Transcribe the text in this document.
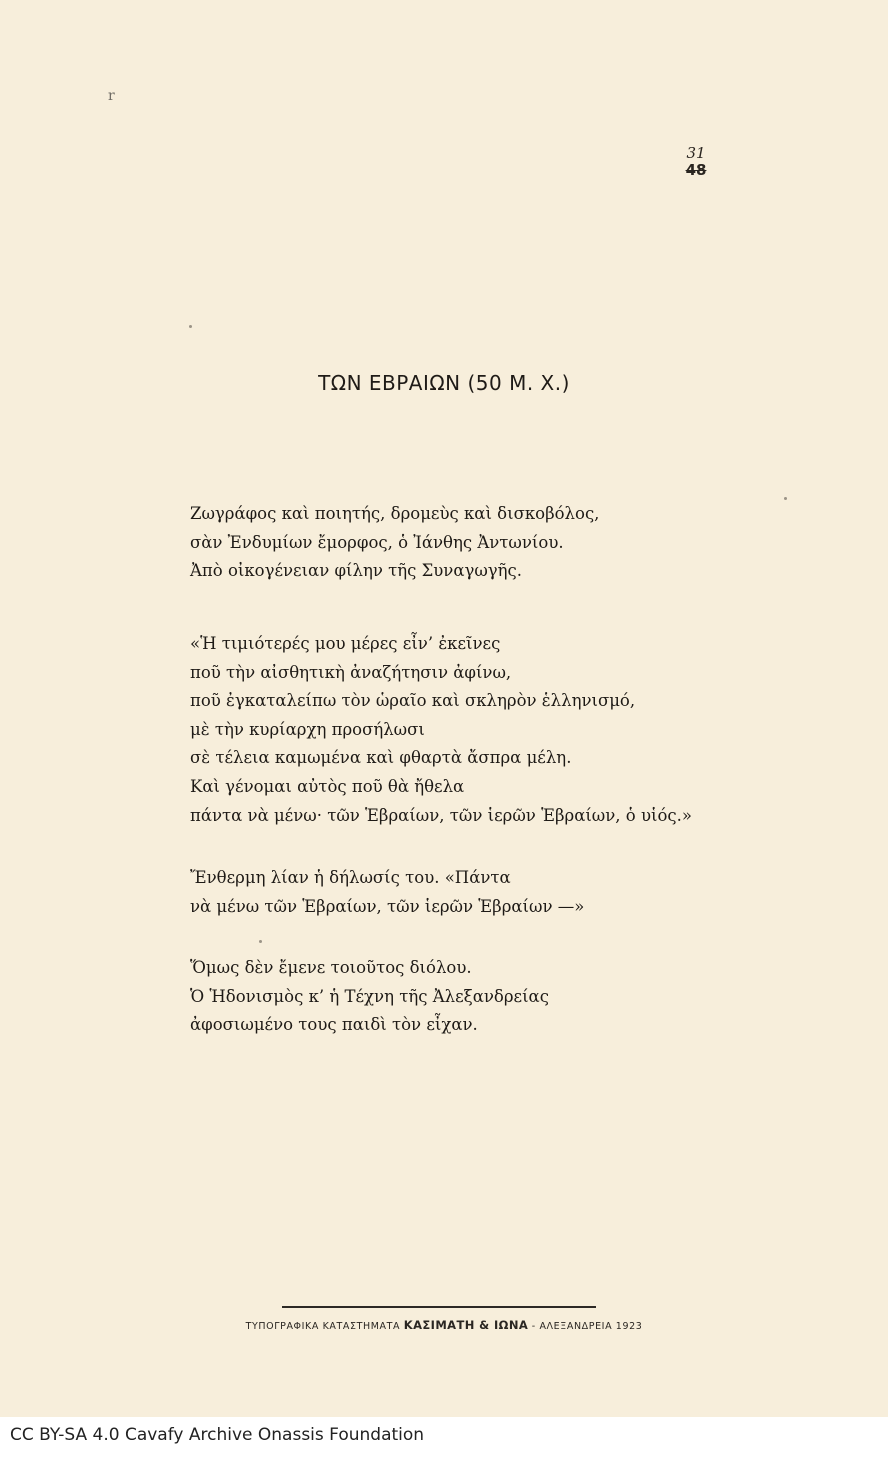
r
31
48
ΤΩΝ ΕΒΡΑΙΩΝ (50 Μ. Χ.)
Ζωγράφος καὶ ποιητής, δρομεὺς καὶ δισκοβόλος,
σὰν Ἐνδυμίων ἔμορφος, ὁ Ἰάνθης Ἀντωνίου.
Ἀπὸ οἰκογένειαν φίλην τῆς Συναγωγῆς.
«Ἡ τιμιότερές μου μέρες εἶν’ ἐκεῖνες
ποῦ τὴν αἰσθητικὴ ἀναζήτησιν ἀφίνω,
ποῦ ἐγκαταλείπω τὸν ὡραῖο καὶ σκληρὸν ἑλληνισμό,
μὲ τὴν κυρίαρχη προσήλωσι
σὲ τέλεια καμωμένα καὶ φθαρτὰ ἄσπρα μέλη.
Καὶ γένομαι αὐτὸς ποῦ θὰ ἤθελα
πάντα νὰ μένω· τῶν Ἑβραίων, τῶν ἱερῶν Ἑβραίων, ὁ υἱός.»
Ἔνθερμη λίαν ἡ δήλωσίς του. «Πάντα
νὰ μένω τῶν Ἑβραίων, τῶν ἱερῶν Ἑβραίων —»
Ὅμως δὲν ἔμενε τοιοῦτος διόλου.
Ὁ Ἡδονισμὸς κ’ ἡ Τέχνη τῆς Ἀλεξανδρείας
ἀφοσιωμένο τους παιδὶ τὸν εἶχαν.
ΤΥΠΟΓΡΑΦΙΚΑ ΚΑΤΑΣΤΗΜΑΤΑ ΚΑΣΙΜΑΤΗ & ΙΩΝΑ - ΑΛΕΞΑΝΔΡΕΙΑ 1923
CC BY-SA 4.0 Cavafy Archive Onassis Foundation
